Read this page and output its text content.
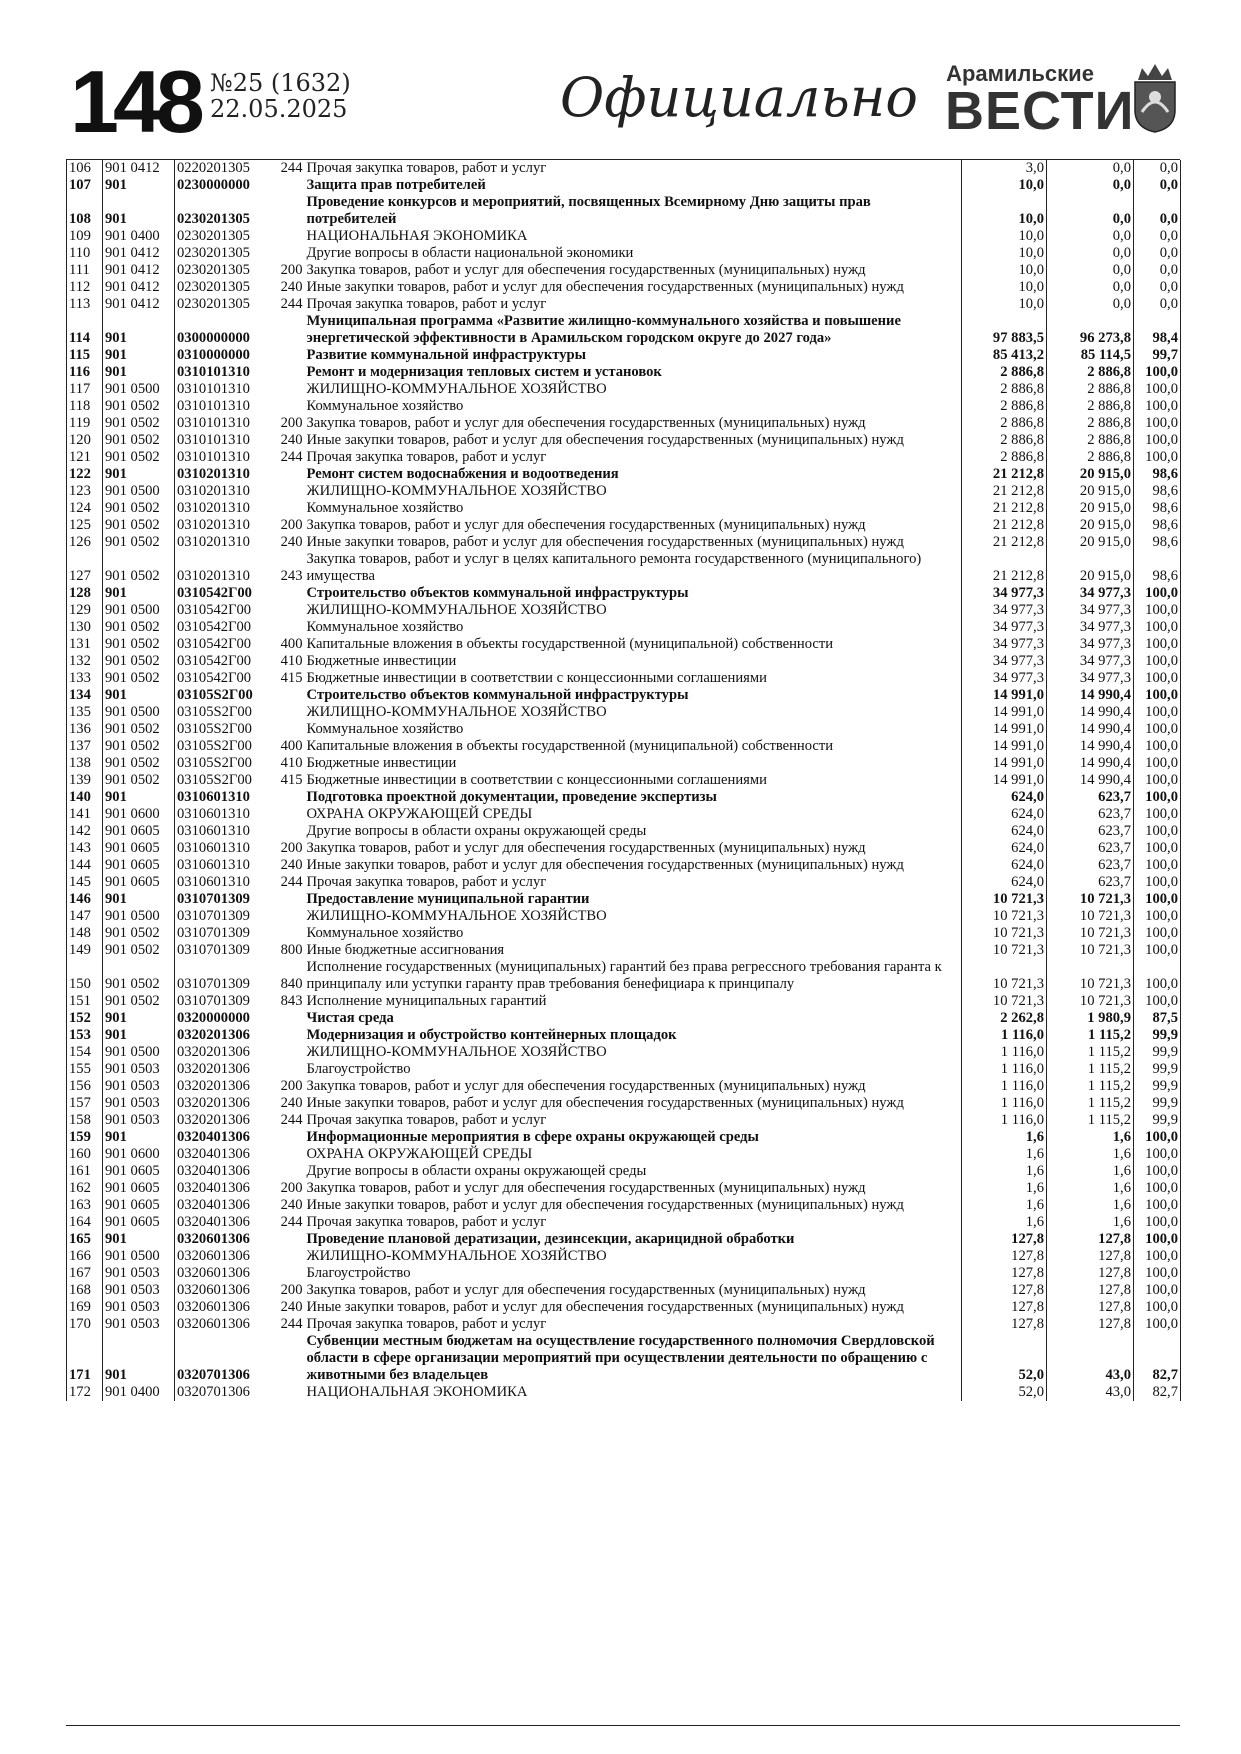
148 №25 (1632)
22.05.2025	Официально Арамильские
ВЕСТИ
106	901 0412	0220201305 244	Прочая закупка товаров, работ и услуг	3,0	0,0	0,0
107	901	0230000000	Защита прав потребителей	10,0	0,0	0,0
108	901	0230201305	Проведение конкурсов и мероприятий, посвященных Всемирному Дню защиты прав потребителей	10,0	0,0	0,0
109	901 0400	0230201305	НАЦИОНАЛЬНАЯ ЭКОНОМИКА	10,0	0,0	0,0
110	901 0412	0230201305	Другие вопросы в области национальной экономики	10,0	0,0	0,0
111	901 0412	0230201305 200	Закупка товаров, работ и услуг для обеспечения государственных (муниципальных) нужд	10,0	0,0	0,0
112	901 0412	0230201305 240	Иные закупки товаров, работ и услуг для обеспечения государственных (муниципальных) нужд	10,0	0,0	0,0
113	901 0412	0230201305 244	Прочая закупка товаров, работ и услуг	10,0	0,0	0,0
114	901	0300000000	Муниципальная программа «Развитие жилищно-коммунального хозяйства и повышение энергетической эффективности в Арамильском городском округе до 2027 года»	97 883,5	96 273,8	98,4
115	901	0310000000	Развитие коммунальной инфраструктуры	85 413,2	85 114,5	99,7
116	901	0310101310	Ремонт и модернизация тепловых систем и установок	2 886,8	2 886,8	100,0
117	901 0500	0310101310	ЖИЛИЩНО-КОММУНАЛЬНОЕ ХОЗЯЙСТВО	2 886,8	2 886,8	100,0
118	901 0502	0310101310	Коммунальное хозяйство	2 886,8	2 886,8	100,0
119	901 0502	0310101310 200	Закупка товаров, работ и услуг для обеспечения государственных (муниципальных) нужд	2 886,8	2 886,8	100,0
120	901 0502	0310101310 240	Иные закупки товаров, работ и услуг для обеспечения государственных (муниципальных) нужд	2 886,8	2 886,8	100,0
121	901 0502	0310101310 244	Прочая закупка товаров, работ и услуг	2 886,8	2 886,8	100,0
122	901	0310201310	Ремонт систем водоснабжения и водоотведения	21 212,8	20 915,0	98,6
123	901 0500	0310201310	ЖИЛИЩНО-КОММУНАЛЬНОЕ ХОЗЯЙСТВО	21 212,8	20 915,0	98,6
124	901 0502	0310201310	Коммунальное хозяйство	21 212,8	20 915,0	98,6
125	901 0502	0310201310 200	Закупка товаров, работ и услуг для обеспечения государственных (муниципальных) нужд	21 212,8	20 915,0	98,6
126	901 0502	0310201310 240	Иные закупки товаров, работ и услуг для обеспечения государственных (муниципальных) нужд	21 212,8	20 915,0	98,6
127	901 0502	0310201310 243	Закупка товаров, работ и услуг в целях капитального ремонта государственного (муниципального) имущества	21 212,8	20 915,0	98,6
128	901	0310542Г00	Строительство объектов коммунальной инфраструктуры	34 977,3	34 977,3	100,0
129	901 0500	0310542Г00	ЖИЛИЩНО-КОММУНАЛЬНОЕ ХОЗЯЙСТВО	34 977,3	34 977,3	100,0
130	901 0502	0310542Г00	Коммунальное хозяйство	34 977,3	34 977,3	100,0
131	901 0502	0310542Г00 400	Капитальные вложения в объекты государственной (муниципальной) собственности	34 977,3	34 977,3	100,0
132	901 0502	0310542Г00 410	Бюджетные инвестиции	34 977,3	34 977,3	100,0
133	901 0502	0310542Г00 415	Бюджетные инвестиции в соответствии с концессионными соглашениями	34 977,3	34 977,3	100,0
134	901	03105S2Г00	Строительство объектов коммунальной инфраструктуры	14 991,0	14 990,4	100,0
135	901 0500	03105S2Г00	ЖИЛИЩНО-КОММУНАЛЬНОЕ ХОЗЯЙСТВО	14 991,0	14 990,4	100,0
136	901 0502	03105S2Г00	Коммунальное хозяйство	14 991,0	14 990,4	100,0
137	901 0502	03105S2Г00 400	Капитальные вложения в объекты государственной (муниципальной) собственности	14 991,0	14 990,4	100,0
138	901 0502	03105S2Г00 410	Бюджетные инвестиции	14 991,0	14 990,4	100,0
139	901 0502	03105S2Г00 415	Бюджетные инвестиции в соответствии с концессионными соглашениями	14 991,0	14 990,4	100,0
140	901	0310601310	Подготовка проектной документации, проведение экспертизы	624,0	623,7	100,0
141	901 0600	0310601310	ОХРАНА ОКРУЖАЮЩЕЙ СРЕДЫ	624,0	623,7	100,0
142	901 0605	0310601310	Другие вопросы в области охраны окружающей среды	624,0	623,7	100,0
143	901 0605	0310601310 200	Закупка товаров, работ и услуг для обеспечения государственных (муниципальных) нужд	624,0	623,7	100,0
144	901 0605	0310601310 240	Иные закупки товаров, работ и услуг для обеспечения государственных (муниципальных) нужд	624,0	623,7	100,0
145	901 0605	0310601310 244	Прочая закупка товаров, работ и услуг	624,0	623,7	100,0
146	901	0310701309	Предоставление муниципальной гарантии	10 721,3	10 721,3	100,0
147	901 0500	0310701309	ЖИЛИЩНО-КОММУНАЛЬНОЕ ХОЗЯЙСТВО	10 721,3	10 721,3	100,0
148	901 0502	0310701309	Коммунальное хозяйство	10 721,3	10 721,3	100,0
149	901 0502	0310701309 800	Иные бюджетные ассигнования	10 721,3	10 721,3	100,0
150	901 0502	0310701309 840	Исполнение государственных (муниципальных) гарантий без права регрессного требования гаранта к принципалу или уступки гаранту прав требования бенефициара к принципалу	10 721,3	10 721,3	100,0
151	901 0502	0310701309 843	Исполнение муниципальных гарантий	10 721,3	10 721,3	100,0
152	901	0320000000	Чистая среда	2 262,8	1 980,9	87,5
153	901	0320201306	Модернизация и обустройство контейнерных площадок	1 116,0	1 115,2	99,9
154	901 0500	0320201306	ЖИЛИЩНО-КОММУНАЛЬНОЕ ХОЗЯЙСТВО	1 116,0	1 115,2	99,9
155	901 0503	0320201306	Благоустройство	1 116,0	1 115,2	99,9
156	901 0503	0320201306 200	Закупка товаров, работ и услуг для обеспечения государственных (муниципальных) нужд	1 116,0	1 115,2	99,9
157	901 0503	0320201306 240	Иные закупки товаров, работ и услуг для обеспечения государственных (муниципальных) нужд	1 116,0	1 115,2	99,9
158	901 0503	0320201306 244	Прочая закупка товаров, работ и услуг	1 116,0	1 115,2	99,9
159	901	0320401306	Информационные мероприятия в сфере охраны окружающей среды	1,6	1,6	100,0
160	901 0600	0320401306	ОХРАНА ОКРУЖАЮЩЕЙ СРЕДЫ	1,6	1,6	100,0
161	901 0605	0320401306	Другие вопросы в области охраны окружающей среды	1,6	1,6	100,0
162	901 0605	0320401306 200	Закупка товаров, работ и услуг для обеспечения государственных (муниципальных) нужд	1,6	1,6	100,0
163	901 0605	0320401306 240	Иные закупки товаров, работ и услуг для обеспечения государственных (муниципальных) нужд	1,6	1,6	100,0
164	901 0605	0320401306 244	Прочая закупка товаров, работ и услуг	1,6	1,6	100,0
165	901	0320601306	Проведение плановой дератизации, дезинсекции, акарицидной обработки	127,8	127,8	100,0
166	901 0500	0320601306	ЖИЛИЩНО-КОММУНАЛЬНОЕ ХОЗЯЙСТВО	127,8	127,8	100,0
167	901 0503	0320601306	Благоустройство	127,8	127,8	100,0
168	901 0503	0320601306 200	Закупка товаров, работ и услуг для обеспечения государственных (муниципальных) нужд	127,8	127,8	100,0
169	901 0503	0320601306 240	Иные закупки товаров, работ и услуг для обеспечения государственных (муниципальных) нужд	127,8	127,8	100,0
170	901 0503	0320601306 244	Прочая закупка товаров, работ и услуг	127,8	127,8	100,0
171	901	0320701306	Субвенции местным бюджетам на осуществление государственного полномочия Свердловской области в сфере организации мероприятий при осуществлении деятельности по обращению с животными без владельцев	52,0	43,0	82,7
172	901 0400	0320701306	НАЦИОНАЛЬНАЯ ЭКОНОМИКА	52,0	43,0	82,7
